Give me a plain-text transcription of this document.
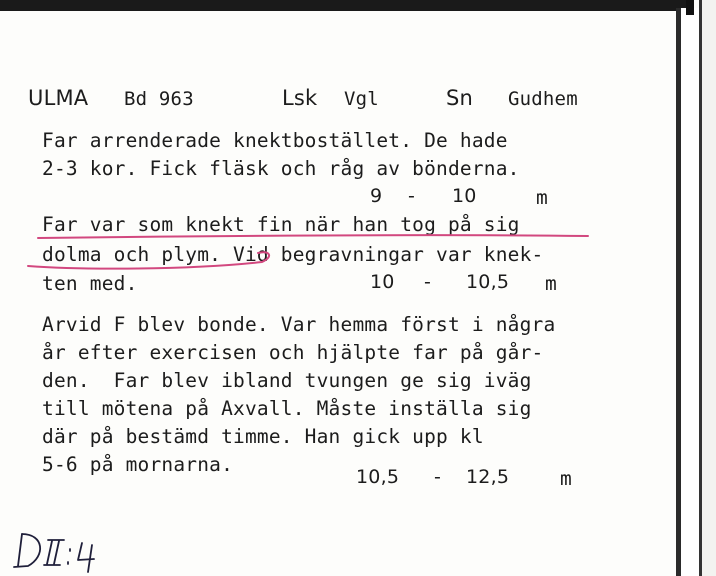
ULMA Bd 963	Lsk Vgl	Sn Gudhem
Far arrenderade knektbostället. De hade
2-3 kor. Fick fläsk och råg av bönderna.
9 - 10	m
Far var som knekt fin när han tog på sig
dolma och plym. Vid begravningar var knek-
ten med.	10 - 10,5 m
Arvid F blev bonde. Var hemma först i några
år efter exercisen och hjälpte far på går-
den.  Far blev ibland tvungen ge sig iväg
till mötena på Axvall. Måste inställa sig
där på bestämd timme. Han gick upp kl
5-6 på mornarna.
10,5 - 12,5	m
